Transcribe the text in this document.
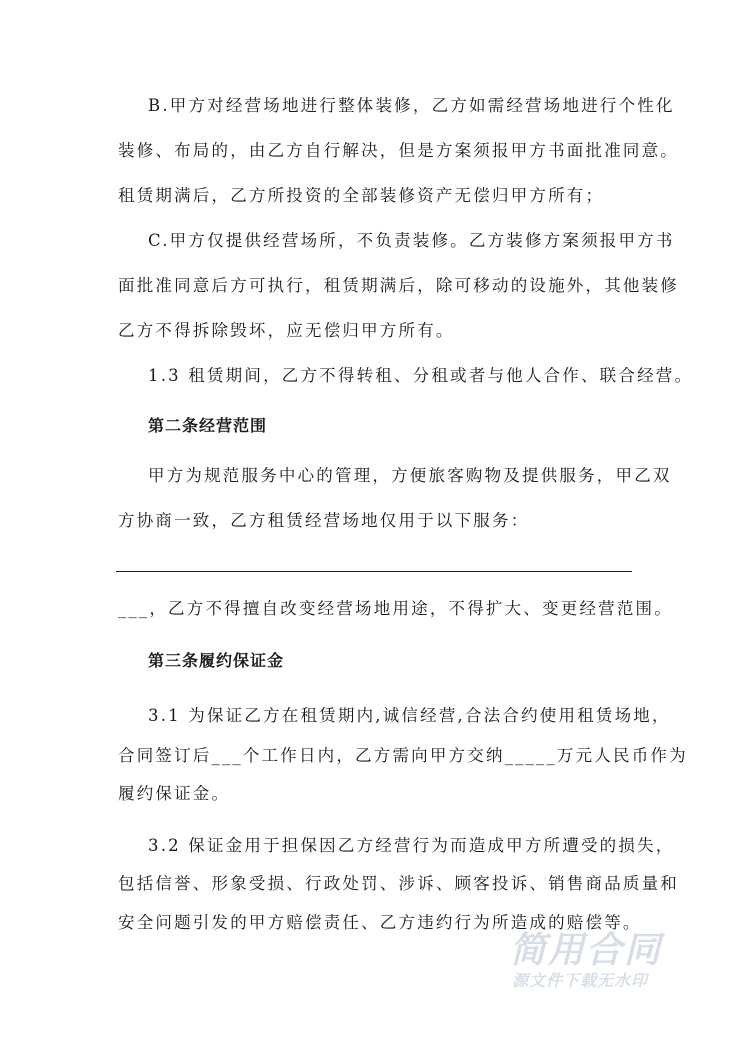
B.甲方对经营场地进行整体装修，乙方如需经营场地进行个性化
装修、布局的，由乙方自行解决，但是方案须报甲方书面批准同意。
租赁期满后，乙方所投资的全部装修资产无偿归甲方所有；
C.甲方仅提供经营场所，不负责装修。乙方装修方案须报甲方书
面批准同意后方可执行，租赁期满后，除可移动的设施外，其他装修
乙方不得拆除毁坏，应无偿归甲方所有。
1.3 租赁期间，乙方不得转租、分租或者与他人合作、联合经营。
第二条经营范围
甲方为规范服务中心的管理，方便旅客购物及提供服务，甲乙双
方协商一致，乙方租赁经营场地仅用于以下服务：
___，乙方不得擅自改变经营场地用途，不得扩大、变更经营范围。
第三条履约保证金
3.1 为保证乙方在租赁期内,诚信经营,合法合约使用租赁场地，
合同签订后___个工作日内，乙方需向甲方交纳_____万元人民币作为
履约保证金。
3.2 保证金用于担保因乙方经营行为而造成甲方所遭受的损失，
包括信誉、形象受损、行政处罚、涉诉、顾客投诉、销售商品质量和
安全问题引发的甲方赔偿责任、乙方违约行为所造成的赔偿等。
简用合同
源文件下载无水印
